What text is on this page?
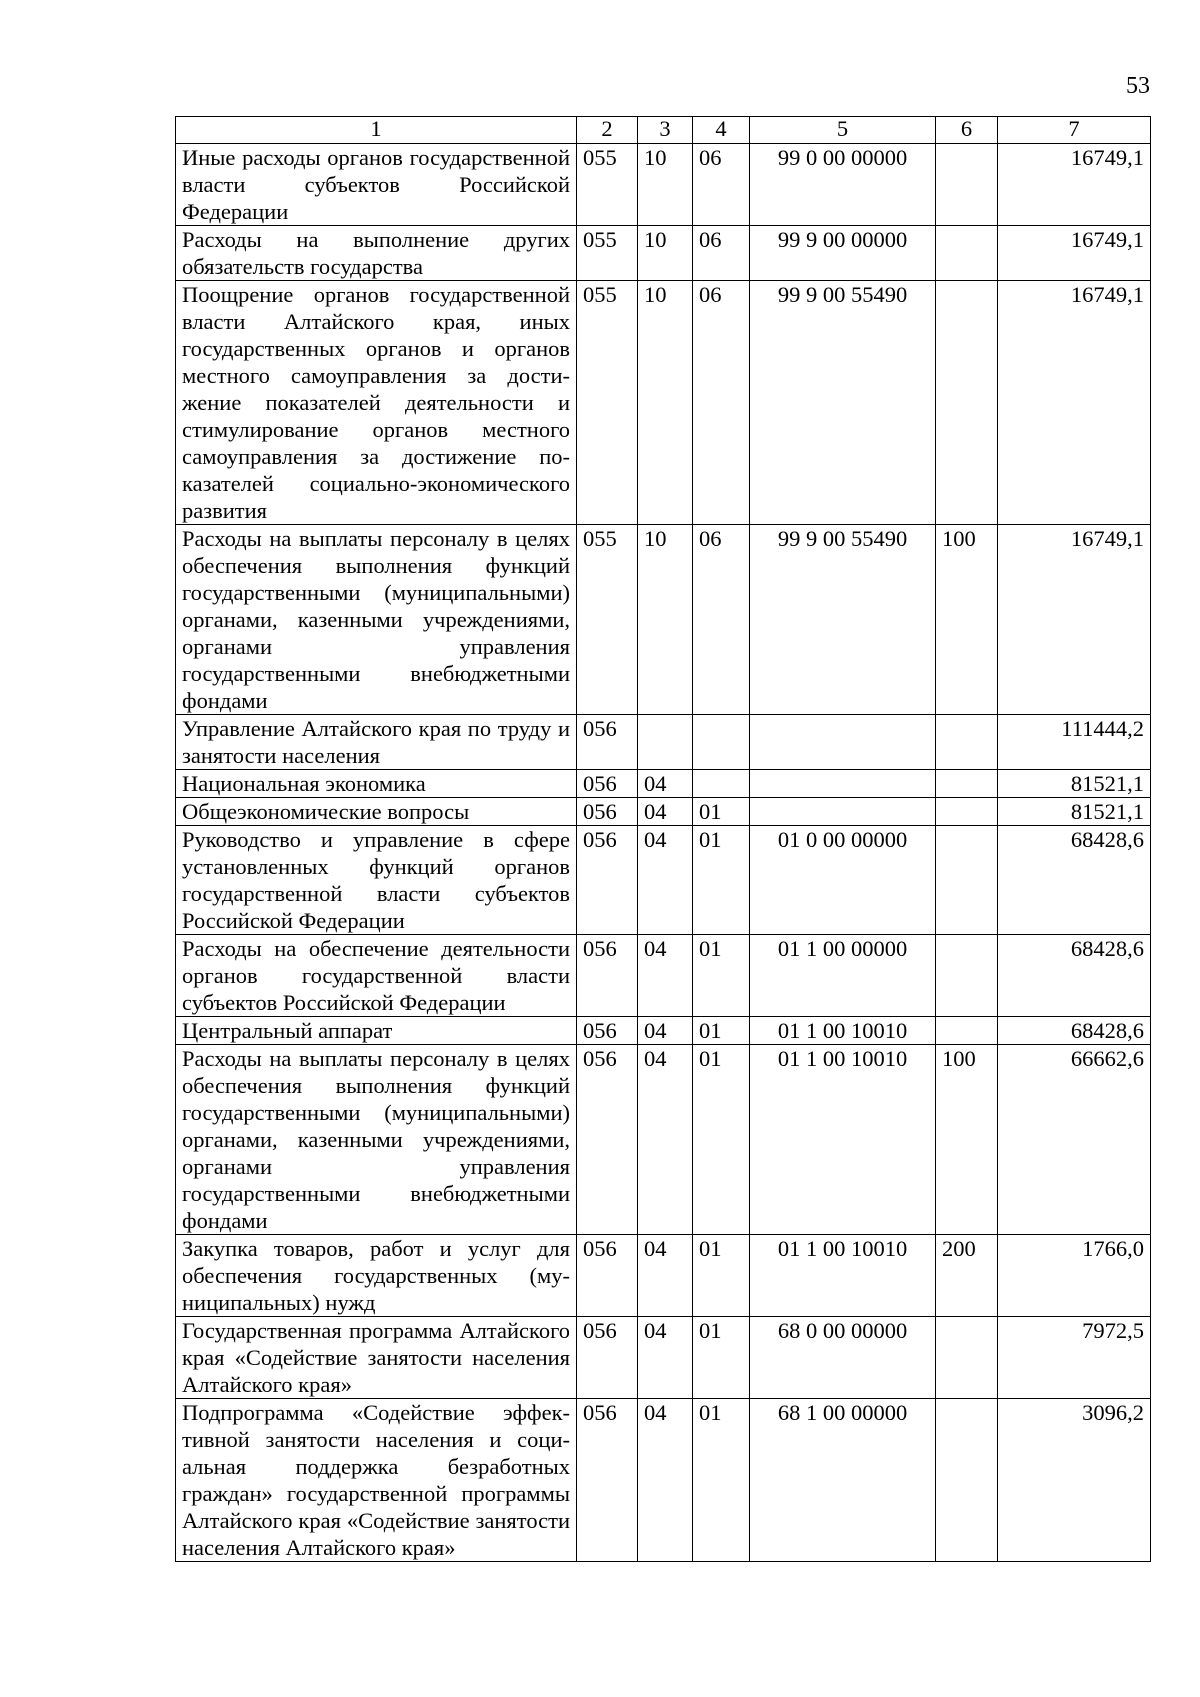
53
1	2	3	4	5	6	7
Иные расходы органов государственной власти субъектов Российской Федерации	055	10	06	99 0 00 00000		16749,1
Расходы на выполнение других обязательств государства	055	10	06	99 9 00 00000		16749,1
Поощрение органов государственной власти Алтайского края, иных государственных органов и органов местного самоуправления за достижение показателей деятельности и стимулирование органов местного самоуправления за достижение показателей социально-экономического развития	055	10	06	99 9 00 55490		16749,1
Расходы на выплаты персоналу в целях обеспечения выполнения функций государственными (муниципальными) органами, казенными учреждениями, органами управления государственными внебюджетными фондами	055	10	06	99 9 00 55490	100	16749,1
Управление Алтайского края по труду и занятости населения	056					111444,2
Национальная экономика	056	04				81521,1
Общеэкономические вопросы	056	04	01			81521,1
Руководство и управление в сфере установленных функций органов государственной власти субъектов Российской Федерации	056	04	01	01 0 00 00000		68428,6
Расходы на обеспечение деятельности органов государственной власти субъектов Российской Федерации	056	04	01	01 1 00 00000		68428,6
Центральный аппарат	056	04	01	01 1 00 10010		68428,6
Расходы на выплаты персоналу в целях обеспечения выполнения функций государственными (муниципальными) органами, казенными учреждениями, органами управления государственными внебюджетными фондами	056	04	01	01 1 00 10010	100	66662,6
Закупка товаров, работ и услуг для обеспечения государственных (муниципальных) нужд	056	04	01	01 1 00 10010	200	1766,0
Государственная программа Алтайского края «Содействие занятости населения Алтайского края»	056	04	01	68 0 00 00000		7972,5
Подпрограмма «Содействие эффективной занятости населения и социальная поддержка безработных граждан» государственной программы Алтайского края «Содействие занятости населения Алтайского края»	056	04	01	68 1 00 00000		3096,2
